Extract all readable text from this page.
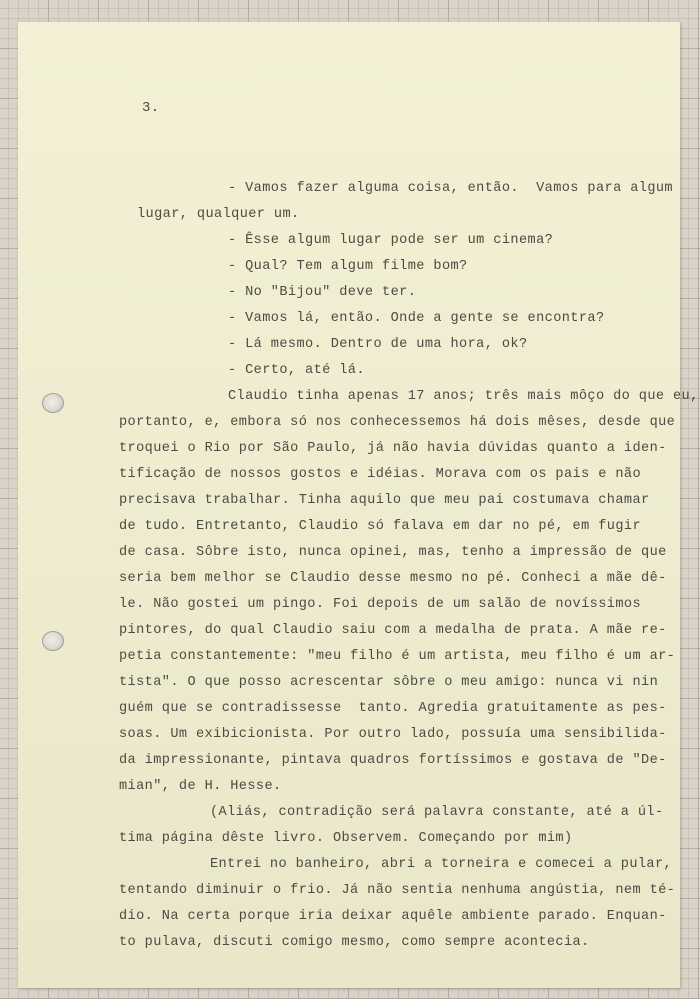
3.

- Vamos fazer alguma coisa, então.  Vamos para algum

lugar, qualquer um.

- Êsse algum lugar pode ser um cinema?

- Qual? Tem algum filme bom?

- No "Bijou" deve ter.

- Vamos lá, então. Onde a gente se encontra?

- Lá mesmo. Dentro de uma hora, ok?

- Certo, até lá.

Claudio tinha apenas 17 anos; três mais môço do que eu,

portanto, e, embora só nos conhecessemos há dois mêses, desde que

troquei o Rio por São Paulo, já não havia dúvidas quanto a iden-

tificação de nossos gostos e idéias. Morava com os pais e não

precisava trabalhar. Tinha aquilo que meu pai costumava chamar

de tudo. Entretanto, Claudio só falava em dar no pé, em fugir

de casa. Sôbre isto, nunca opinei, mas, tenho a impressão de que

seria bem melhor se Claudio desse mesmo no pé. Conheci a mãe dê-

le. Não gostei um pingo. Foi depois de um salão de novíssimos

pintores, do qual Claudio saiu com a medalha de prata. A mãe re-

petia constantemente: "meu filho é um artista, meu filho é um ar-

tista". O que posso acrescentar sôbre o meu amigo: nunca vi nin

guém que se contradissesse  tanto. Agredia gratuitamente as pes-

soas. Um exibicionista. Por outro lado, possuía uma sensibilida-

da impressionante, pintava quadros fortíssimos e gostava de "De-

mian", de H. Hesse.

(Aliás, contradição será palavra constante, até a úl-

tima página dêste livro. Observem. Começando por mim)

Entrei no banheiro, abri a torneira e comecei a pular,

tentando diminuir o frio. Já não sentia nenhuma angústia, nem té-

dio. Na certa porque iria deixar aquêle ambiente parado. Enquan-

to pulava, discuti comigo mesmo, como sempre acontecia.
